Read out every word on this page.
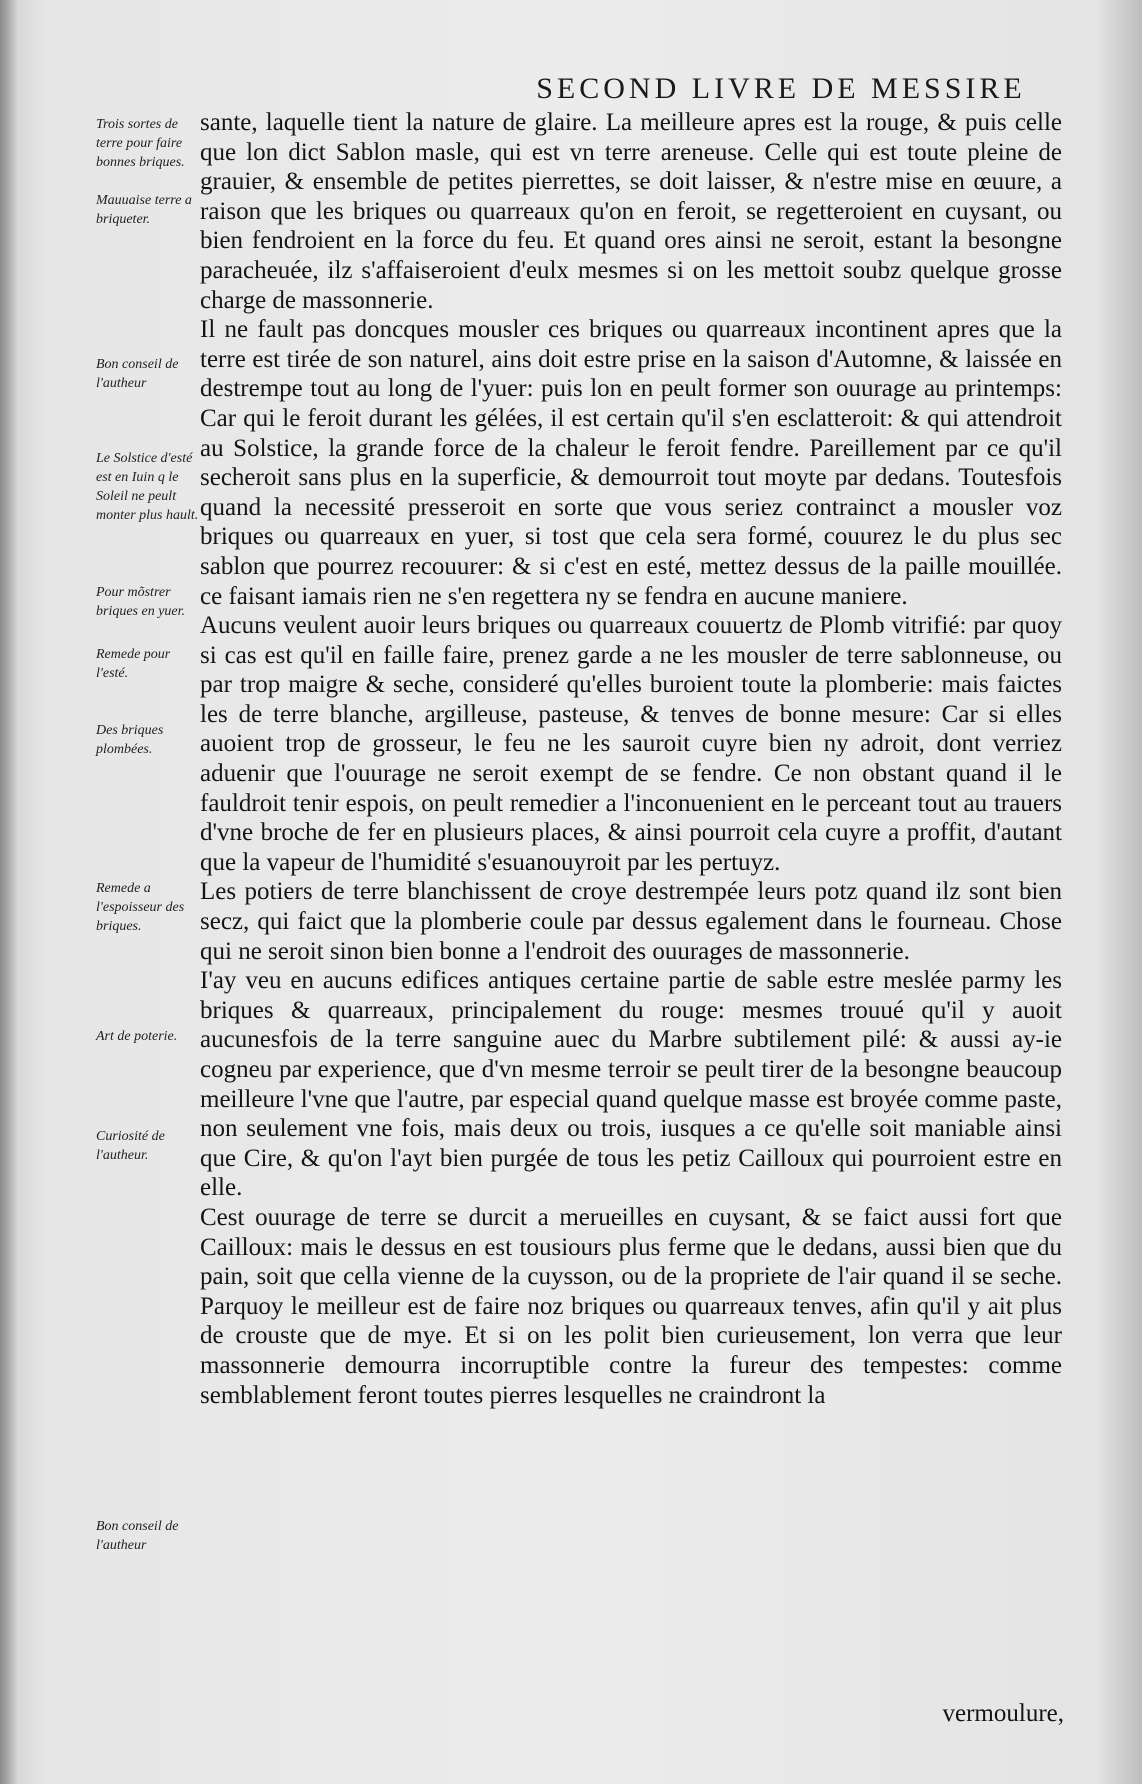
SECOND LIVRE DE MESSIRE
Trois sortes de terre pour faire bonnes briques.
Mauuaise terre a briqueter.
Bon conseil de l'autheur
Le Solstice d'esté est en Iuin q le Soleil ne peult monter plus hault.
Pour mõstrer briques en yuer.
Remede pour l'esté.
Des briques plombées.
Remede a l'espoisseur des briques.
Art de poterie.
Curiosité de l'autheur.
Bon conseil de l'autheur

sante, laquelle tient la nature de glaire. La meilleure apres est la rouge, & puis celle que lon dict Sablon masle, qui est vn terre areneuse. Celle qui est toute pleine de grauier, & ensemble de petites pierrettes, se doit laisser, & n'estre mise en œuure, a raison que les briques ou quarreaux qu'on en feroit, se regetteroient en cuysant, ou bien fendroient en la force du feu. Et quand ores ainsi ne seroit, estant la besongne paracheuée, ilz s'affaiseroient d'eulx mesmes si on les mettoit soubz quelque grosse charge de massonnerie.

Il ne fault pas doncques mousler ces briques ou quarreaux incontinent apres que la terre est tirée de son naturel, ains doit estre prise en la saison d'Automne, & laissée en destrempe tout au long de l'yuer: puis lon en peult former son ouurage au printemps: Car qui le feroit durant les gélées, il est certain qu'il s'en esclatteroit: & qui attendroit au Solstice, la grande force de la chaleur le feroit fendre. Pareillement par ce qu'il secheroit sans plus en la superficie, & demourroit tout moyte par dedans. Toutesfois quand la necessité presseroit en sorte que vous seriez contrainct a mousler voz briques ou quarreaux en yuer, si tost que cela sera formé, couurez le du plus sec sablon que pourrez recouurer: & si c'est en esté, mettez dessus de la paille mouillée. ce faisant iamais rien ne s'en regettera ny se fendra en aucune maniere.

Aucuns veulent auoir leurs briques ou quarreaux couuertz de Plomb vitrifié: par quoy si cas est qu'il en faille faire, prenez garde a ne les mousler de terre sablonneuse, ou par trop maigre & seche, consideré qu'elles buroient toute la plomberie: mais faictes les de terre blanche, argilleuse, pasteuse, & tenves de bonne mesure: Car si elles auoient trop de grosseur, le feu ne les sauroit cuyre bien ny adroit, dont verriez aduenir que l'ouurage ne seroit exempt de se fendre. Ce non obstant quand il le fauldroit tenir espois, on peult remedier a l'inconuenient en le perceant tout au trauers d'vne broche de fer en plusieurs places, & ainsi pourroit cela cuyre a proffit, d'autant que la vapeur de l'humidité s'esuanouyroit par les pertuyz.

Les potiers de terre blanchissent de croye destrempée leurs potz quand ilz sont bien secz, qui faict que la plomberie coule par dessus egalement dans le fourneau. Chose qui ne seroit sinon bien bonne a l'endroit des ouurages de massonnerie.

I'ay veu en aucuns edifices antiques certaine partie de sable estre meslée parmy les briques & quarreaux, principalement du rouge: mesmes trouué qu'il y auoit aucunesfois de la terre sanguine auec du Marbre subtilement pilé: & aussi ay-ie cogneu par experience, que d'vn mesme terroir se peult tirer de la besongne beaucoup meilleure l'vne que l'autre, par especial quand quelque masse est broyée comme paste, non seulement vne fois, mais deux ou trois, iusques a ce qu'elle soit maniable ainsi que Cire, & qu'on l'ayt bien purgée de tous les petiz Cailloux qui pourroient estre en elle.

Cest ouurage de terre se durcit a merueilles en cuysant, & se faict aussi fort que Cailloux: mais le dessus en est tousiours plus ferme que le dedans, aussi bien que du pain, soit que cella vienne de la cuysson, ou de la propriete de l'air quand il se seche. Parquoy le meilleur est de faire noz briques ou quarreaux tenves, afin qu'il y ait plus de crouste que de mye. Et si on les polit bien curieusement, lon verra que leur massonnerie demourra incorruptible contre la fureur des tempestes: comme semblablement feront toutes pierres lesquelles ne craindront la

vermoulure,
